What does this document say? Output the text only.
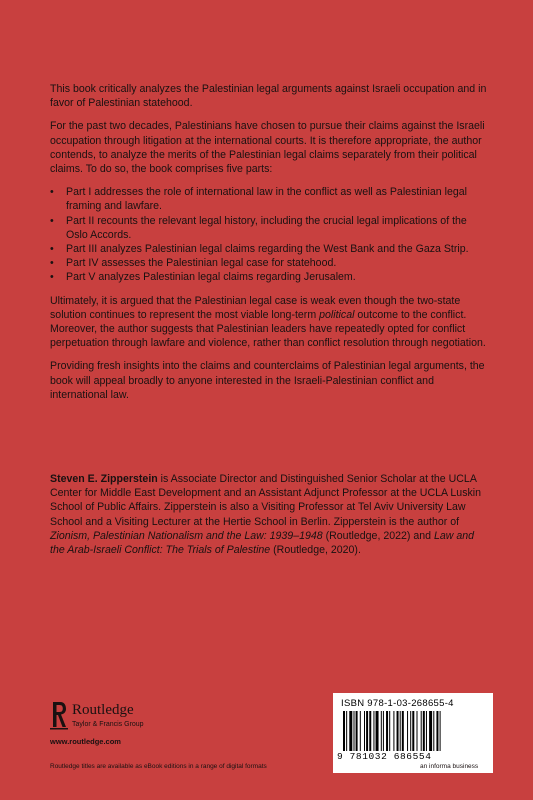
This book critically analyzes the Palestinian legal arguments against Israeli occupation and in favor of Palestinian statehood.

For the past two decades, Palestinians have chosen to pursue their claims against the Israeli occupation through litigation at the international courts. It is therefore appropriate, the author contends, to analyze the merits of the Palestinian legal claims separately from their political claims. To do so, the book comprises five parts:

• Part I addresses the role of international law in the conflict as well as Palestinian legal framing and lawfare.
• Part II recounts the relevant legal history, including the crucial legal implications of the Oslo Accords.
• Part III analyzes Palestinian legal claims regarding the West Bank and the Gaza Strip.
• Part IV assesses the Palestinian legal case for statehood.
• Part V analyzes Palestinian legal claims regarding Jerusalem.

Ultimately, it is argued that the Palestinian legal case is weak even though the two-state solution continues to represent the most viable long-term political outcome to the conflict. Moreover, the author suggests that Palestinian leaders have repeatedly opted for conflict perpetuation through lawfare and violence, rather than conflict resolution through negotiation.

Providing fresh insights into the claims and counterclaims of Palestinian legal arguments, the book will appeal broadly to anyone interested in the Israeli-Palestinian conflict and international law.

Steven E. Zipperstein is Associate Director and Distinguished Senior Scholar at the UCLA Center for Middle East Development and an Assistant Adjunct Professor at the UCLA Luskin School of Public Affairs. Zipperstein is also a Visiting Professor at Tel Aviv University Law School and a Visiting Lecturer at the Hertie School in Berlin. Zipperstein is the author of Zionism, Palestinian Nationalism and the Law: 1939–1948 (Routledge, 2022) and Law and the Arab-Israeli Conflict: The Trials of Palestine (Routledge, 2020).

Routledge
Taylor & Francis Group
www.routledge.com
Routledge titles are available as eBook editions in a range of digital formats
ISBN 978-1-03-268655-4
9 781032 686554
an informa business
